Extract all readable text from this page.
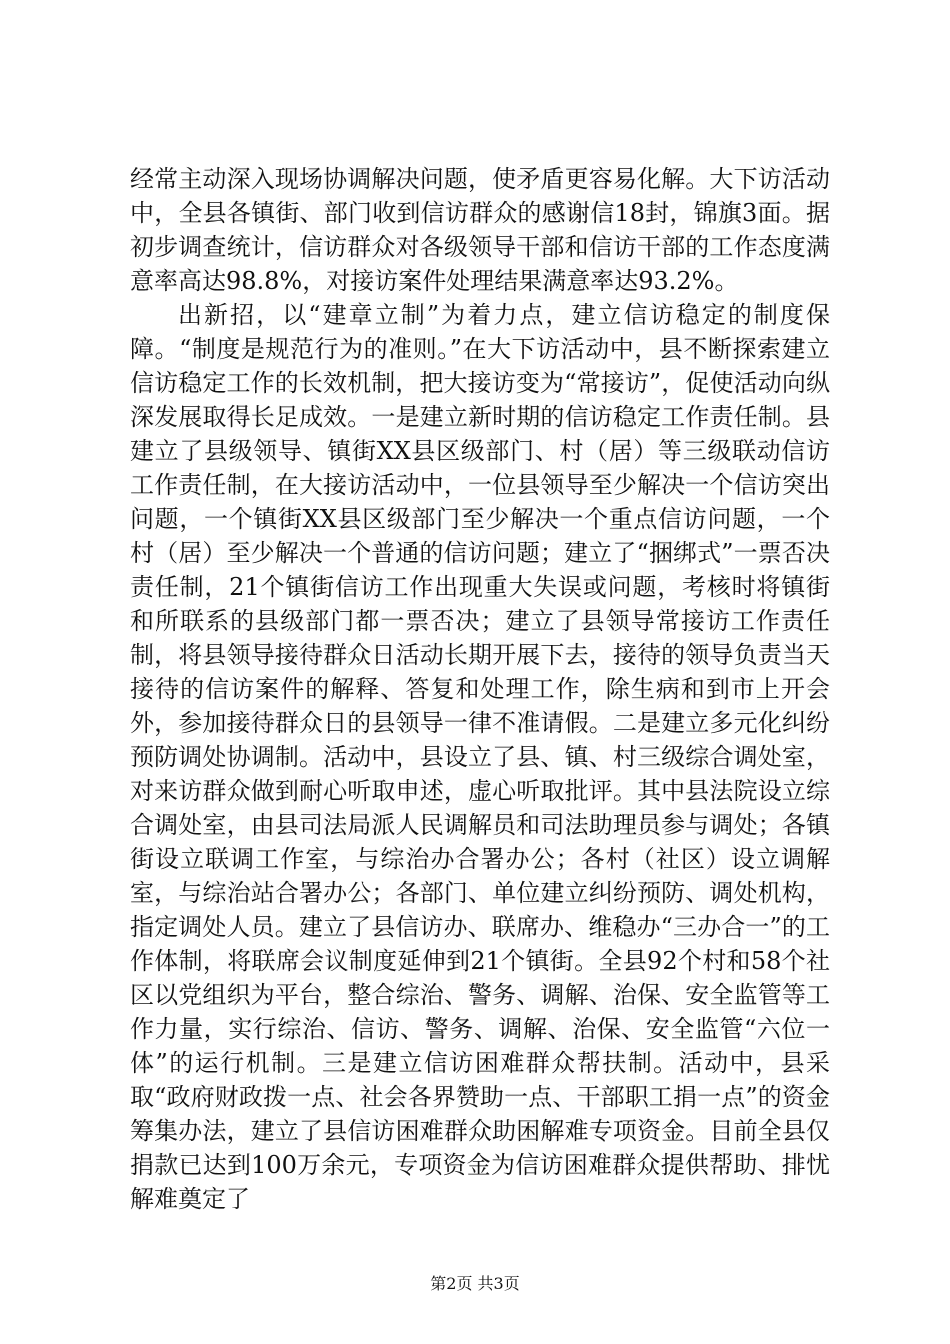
经常主动深入现场协调解决问题，使矛盾更容易化解。大下访活动中，全县各镇街、部门收到信访群众的感谢信18封，锦旗3面。据初步调查统计，信访群众对各级领导干部和信访干部的工作态度满意率高达98.8%，对接访案件处理结果满意率达93.2%。

出新招，以“建章立制”为着力点，建立信访稳定的制度保障。“制度是规范行为的准则。”在大下访活动中，县不断探索建立信访稳定工作的长效机制，把大接访变为“常接访”，促使活动向纵深发展取得长足成效。一是建立新时期的信访稳定工作责任制。县建立了县级领导、镇街XX县区级部门、村（居）等三级联动信访工作责任制，在大接访活动中，一位县领导至少解决一个信访突出问题，一个镇街XX县区级部门至少解决一个重点信访问题，一个村（居）至少解决一个普通的信访问题；建立了“捆绑式”一票否决责任制，21个镇街信访工作出现重大失误或问题，考核时将镇街和所联系的县级部门都一票否决；建立了县领导常接访工作责任制，将县领导接待群众日活动长期开展下去，接待的领导负责当天接待的信访案件的解释、答复和处理工作，除生病和到市上开会外，参加接待群众日的县领导一律不准请假。二是建立多元化纠纷预防调处协调制。活动中，县设立了县、镇、村三级综合调处室，对来访群众做到耐心听取申述，虚心听取批评。其中县法院设立综合调处室，由县司法局派人民调解员和司法助理员参与调处；各镇街设立联调工作室，与综治办合署办公；各村（社区）设立调解室，与综治站合署办公；各部门、单位建立纠纷预防、调处机构，指定调处人员。建立了县信访办、联席办、维稳办“三办合一”的工作体制，将联席会议制度延伸到21个镇街。全县92个村和58个社区以党组织为平台，整合综治、警务、调解、治保、安全监管等工作力量，实行综治、信访、警务、调解、治保、安全监管“六位一体”的运行机制。三是建立信访困难群众帮扶制。活动中，县采取“政府财政拨一点、社会各界赞助一点、干部职工捐一点”的资金筹集办法，建立了县信访困难群众助困解难专项资金。目前全县仅捐款已达到100万余元，专项资金为信访困难群众提供帮助、排忧解难奠定了

第2页 共3页
